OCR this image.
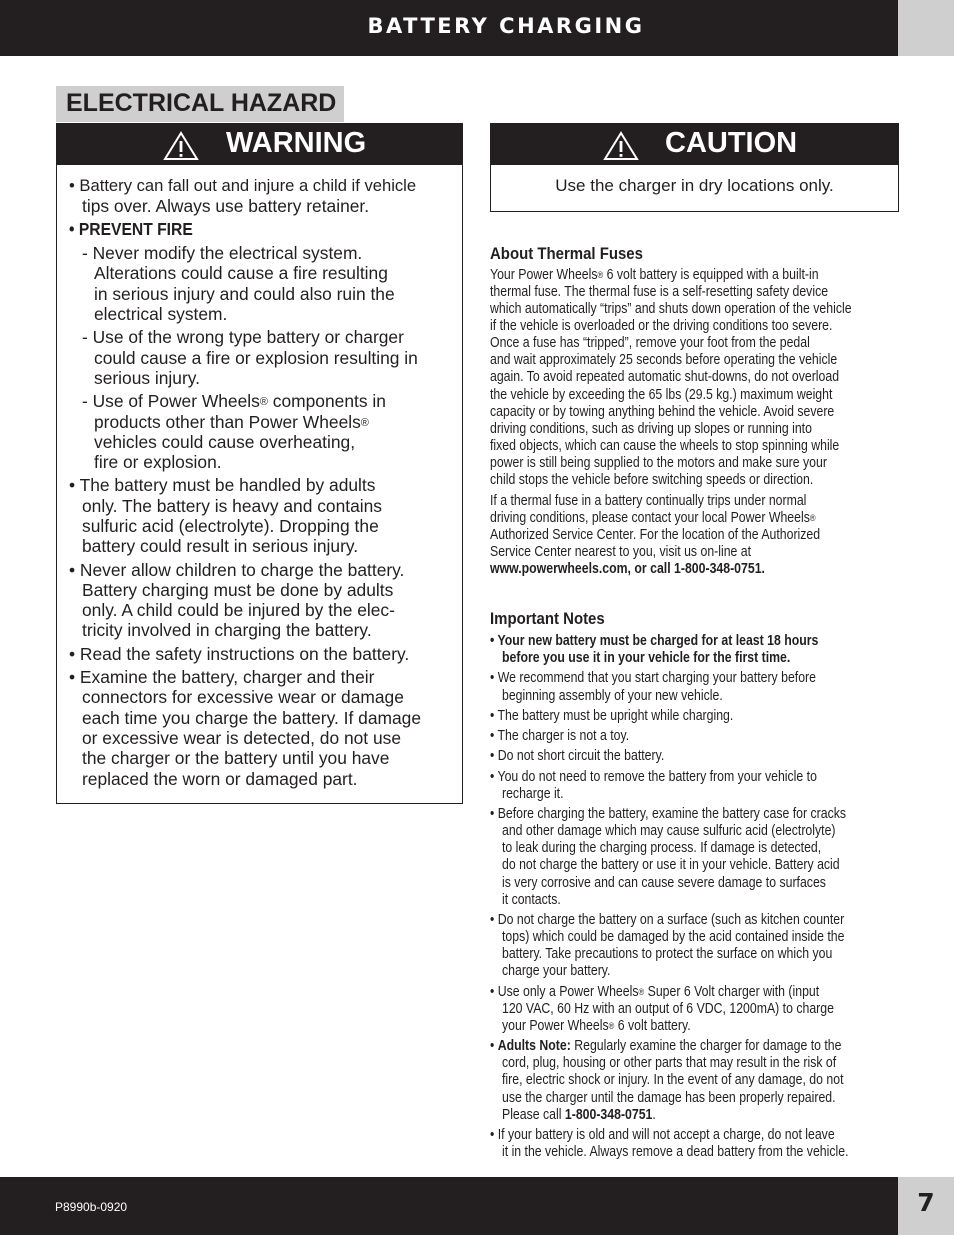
BATTERY CHARGING
ELECTRICAL HAZARD
WARNING
• Battery can fall out and injure a child if vehicle
tips over. Always use battery retainer.
• PREVENT FIRE
- Never modify the electrical system.
Alterations could cause a fire resulting
in serious injury and could also ruin the
electrical system.
- Use of the wrong type battery or charger
could cause a fire or explosion resulting in
serious injury.
- Use of Power Wheels® components in
products other than Power Wheels®
vehicles could cause overheating,
fire or explosion.
• The battery must be handled by adults
only. The battery is heavy and contains
sulfuric acid (electrolyte). Dropping the
battery could result in serious injury.
• Never allow children to charge the battery.
Battery charging must be done by adults
only. A child could be injured by the elec-
tricity involved in charging the battery.
• Read the safety instructions on the battery.
• Examine the battery, charger and their
connectors for excessive wear or damage
each time you charge the battery. If damage
or excessive wear is detected, do not use
the charger or the battery until you have
replaced the worn or damaged part.
CAUTION
Use the charger in dry locations only.
About Thermal Fuses
Your Power Wheels® 6 volt battery is equipped with a built-in
thermal fuse. The thermal fuse is a self-resetting safety device
which automatically “trips” and shuts down operation of the vehicle
if the vehicle is overloaded or the driving conditions too severe.
Once a fuse has “tripped”, remove your foot from the pedal
and wait approximately 25 seconds before operating the vehicle
again. To avoid repeated automatic shut-downs, do not overload
the vehicle by exceeding the 65 lbs (29.5 kg.) maximum weight
capacity or by towing anything behind the vehicle. Avoid severe
driving conditions, such as driving up slopes or running into
fixed objects, which can cause the wheels to stop spinning while
power is still being supplied to the motors and make sure your
child stops the vehicle before switching speeds or direction.
If a thermal fuse in a battery continually trips under normal
driving conditions, please contact your local Power Wheels®
Authorized Service Center. For the location of the Authorized
Service Center nearest to you, visit us on-line at
www.powerwheels.com, or call 1-800-348-0751.
Important Notes
• Your new battery must be charged for at least 18 hours
before you use it in your vehicle for the first time.
• We recommend that you start charging your battery before
beginning assembly of your new vehicle.
• The battery must be upright while charging.
• The charger is not a toy.
• Do not short circuit the battery.
• You do not need to remove the battery from your vehicle to
recharge it.
• Before charging the battery, examine the battery case for cracks
and other damage which may cause sulfuric acid (electrolyte)
to leak during the charging process. If damage is detected,
do not charge the battery or use it in your vehicle. Battery acid
is very corrosive and can cause severe damage to surfaces
it contacts.
• Do not charge the battery on a surface (such as kitchen counter
tops) which could be damaged by the acid contained inside the
battery. Take precautions to protect the surface on which you
charge your battery.
• Use only a Power Wheels® Super 6 Volt charger with (input
120 VAC, 60 Hz with an output of 6 VDC, 1200mA) to charge
your Power Wheels® 6 volt battery.
• Adults Note: Regularly examine the charger for damage to the
cord, plug, housing or other parts that may result in the risk of
fire, electric shock or injury. In the event of any damage, do not
use the charger until the damage has been properly repaired.
Please call 1-800-348-0751.
• If your battery is old and will not accept a charge, do not leave
it in the vehicle. Always remove a dead battery from the vehicle.
P8990b-0920	7
